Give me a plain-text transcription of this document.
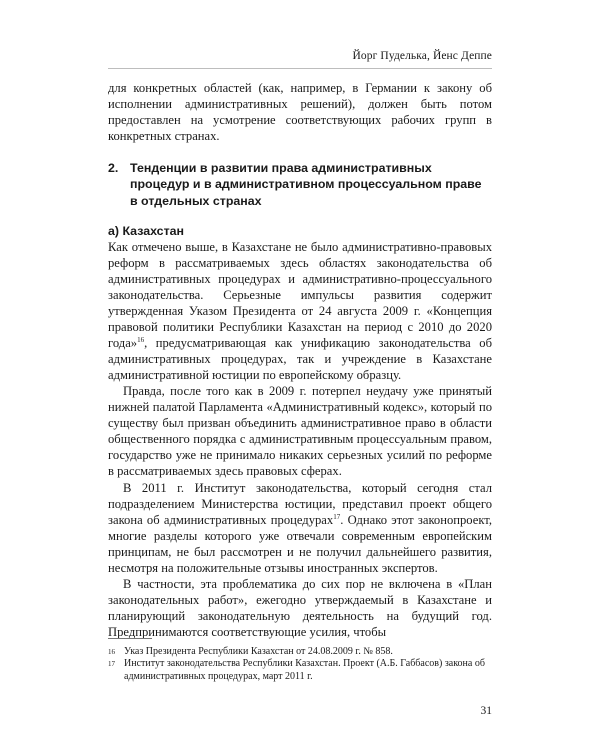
Йорг Пуделька, Йенс Деппе

для конкретных областей (как, например, в Германии к закону об исполнении административных решений), должен быть потом предоставлен на усмотрение соответствующих рабочих групп в конкретных странах.

2. Тенденции в развитии права административных процедур и в административном процессуальном праве в отдельных странах
а) Казахстан

Как отмечено выше, в Казахстане не было административно-правовых реформ в рассматриваемых здесь областях законодательства об административных процедурах и административно-процессуального законодательства. Серьезные импульсы развития содержит утвержденная Указом Президента от 24 августа 2009 г. «Концепция правовой политики Республики Казахстан на период с 2010 до 2020 года»$^{16}$, предусматривающая как унификацию законодательства об административных процедурах, так и учреждение в Казахстане административной юстиции по европейскому образцу.

Правда, после того как в 2009 г. потерпел неудачу уже принятый нижней палатой Парламента «Административный кодекс», который по существу был призван объединить административное право в области общественного порядка с административным процессуальным правом, государство уже не принимало никаких серьезных усилий по реформе в рассматриваемых здесь правовых сферах.

В 2011 г. Институт законодательства, который сегодня стал подразделением Министерства юстиции, представил проект общего закона об административных процедурах$^{17}$. Однако этот законопроект, многие разделы которого уже отвечали современным европейским принципам, не был рассмотрен и не получил дальнейшего развития, несмотря на положительные отзывы иностранных экспертов.

В частности, эта проблематика до сих пор не включена в «План законодательных работ», ежегодно утверждаемый в Казахстане и планирующий законодательную деятельность на будущий год. Предпринимаются соответствующие усилия, чтобы

16 Указ Президента Республики Казахстан от 24.08.2009 г. № 858.
17 Институт законодательства Республики Казахстан. Проект (А.Б. Габбасов) закона об административных процедурах, март 2011 г.
31
